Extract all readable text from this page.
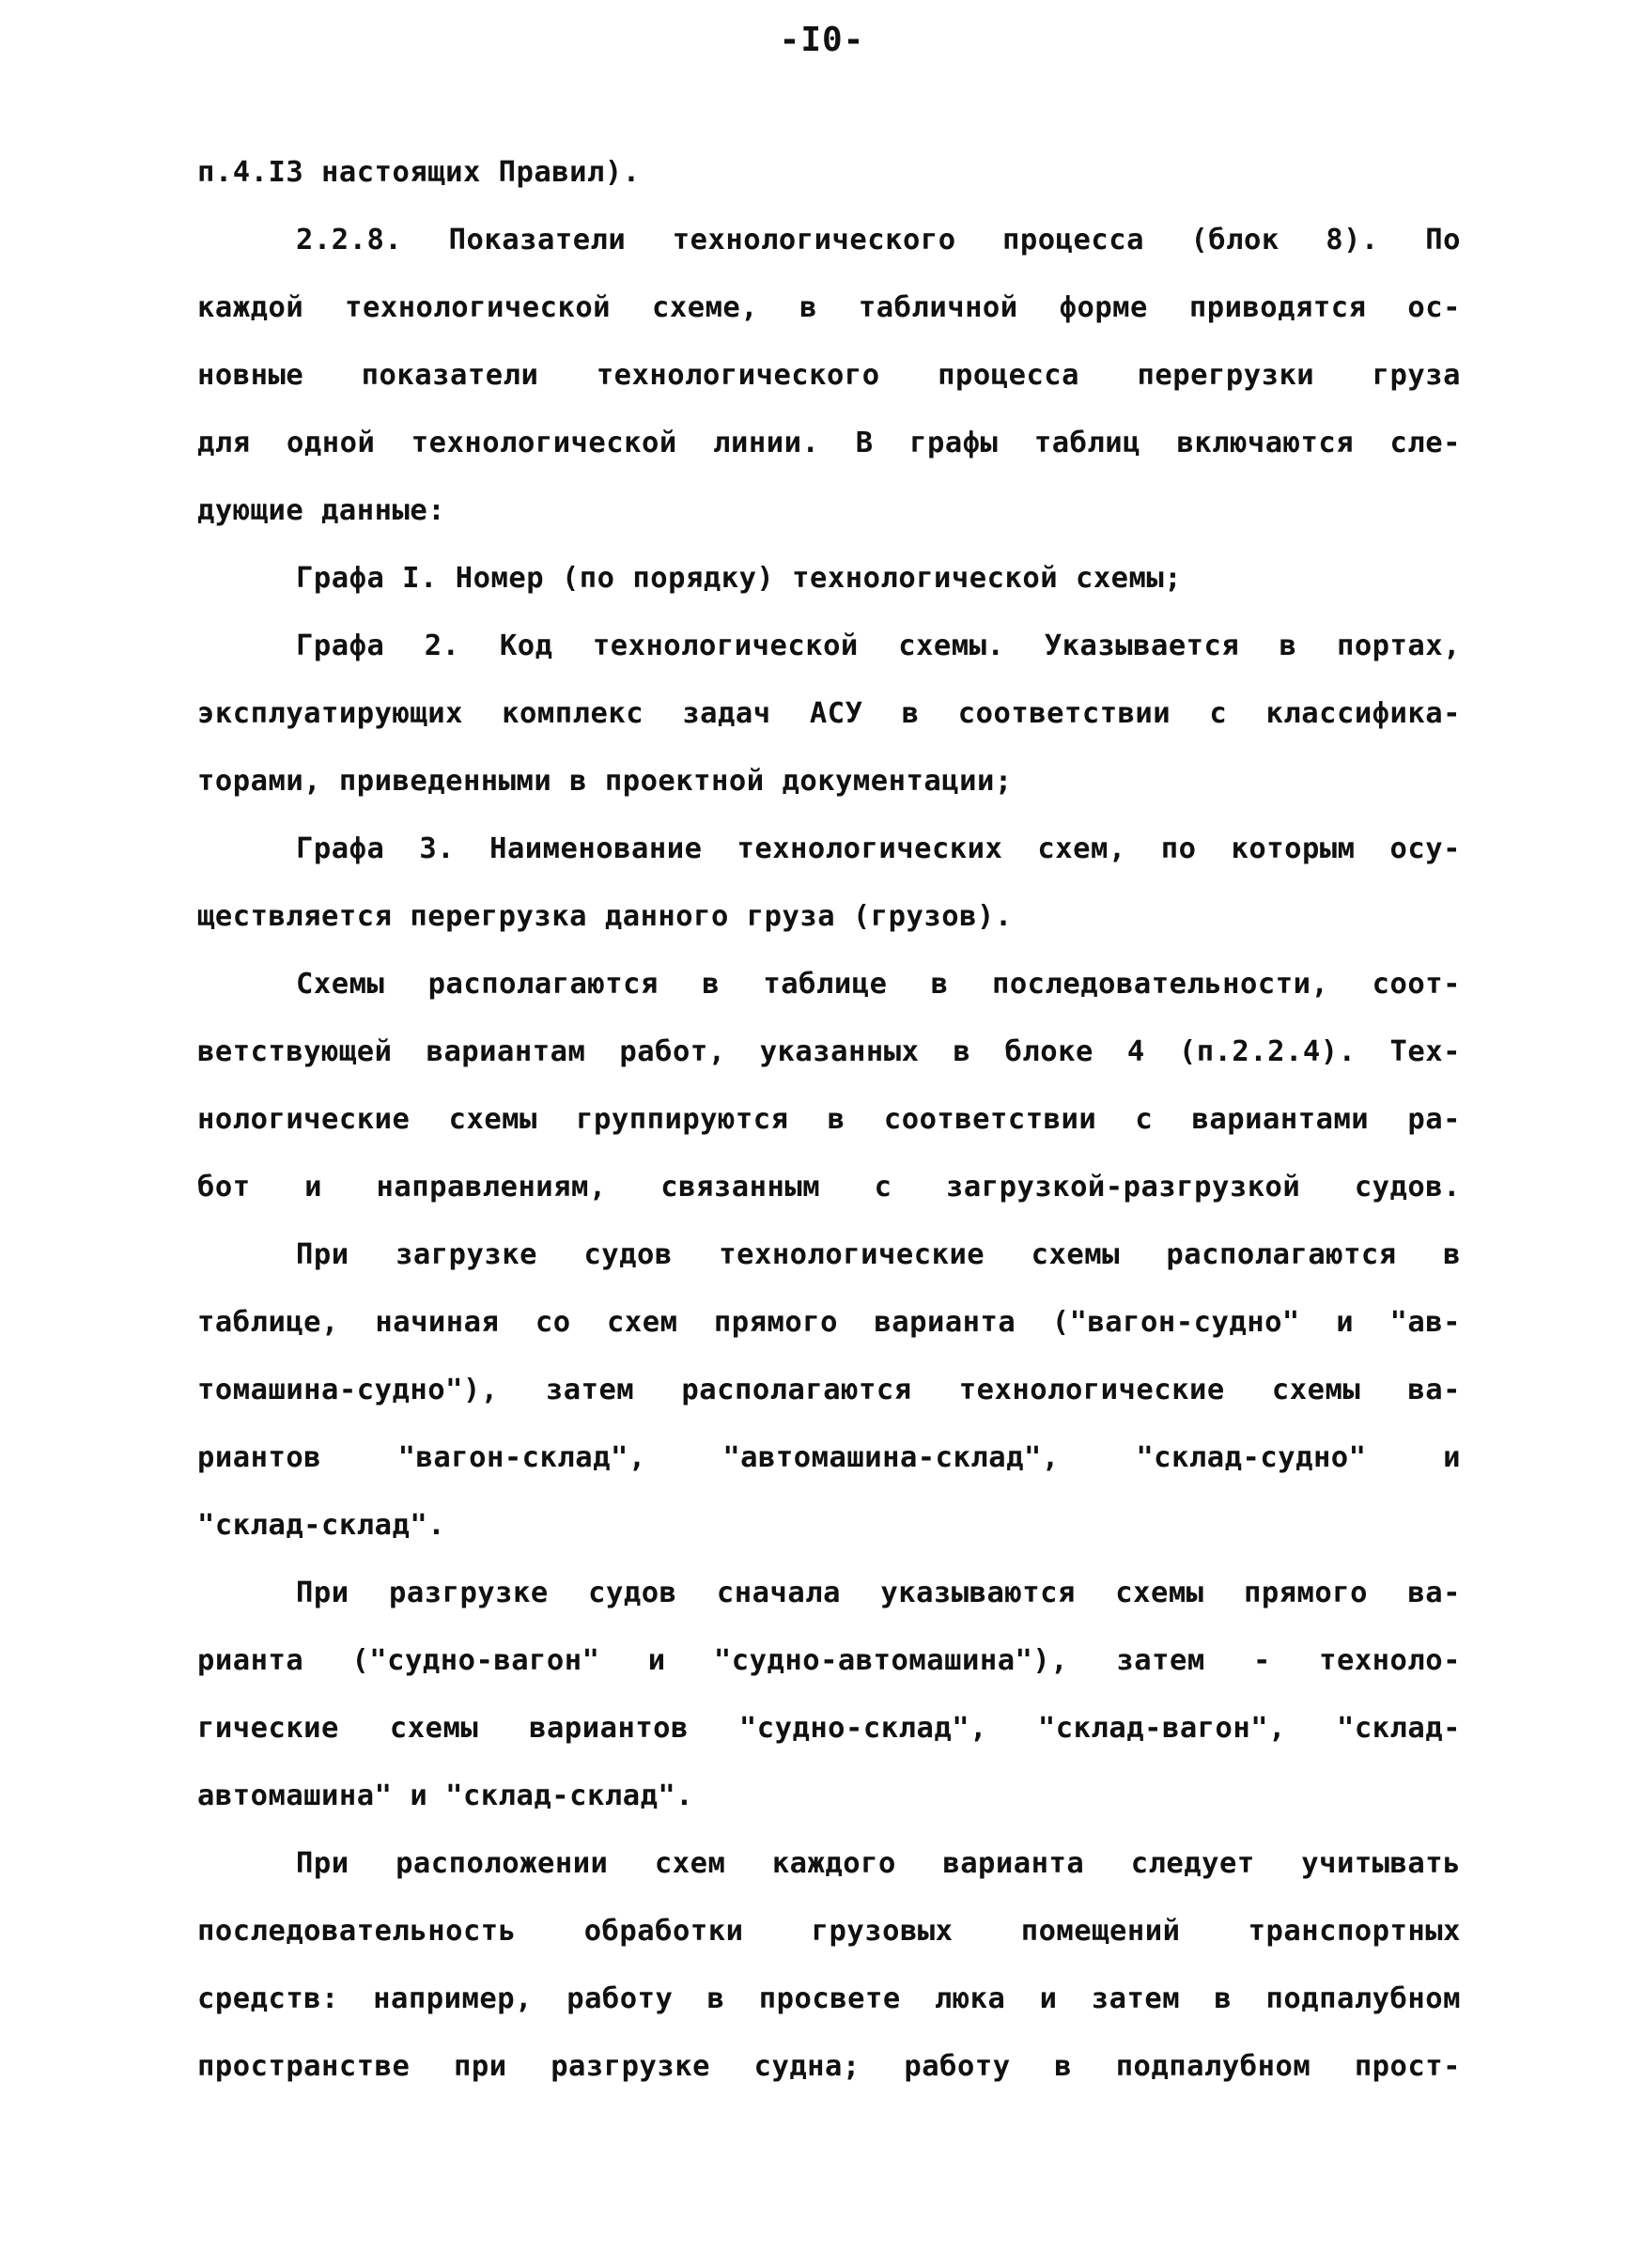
-I0-
п.4.I3 настоящих Правил).
2.2.8. Показатели технологического процесса (блок 8). По
каждой технологической схеме, в табличной форме приводятся ос-
новные показатели технологического процесса перегрузки груза
для одной технологической линии. В графы таблиц включаются сле-
дующие данные:
Графа I. Номер (по порядку) технологической схемы;
Графа 2. Код технологической схемы. Указывается в портах,
эксплуатирующих комплекс задач АСУ в соответствии с классифика-
торами, приведенными в проектной документации;
Графа 3. Наименование технологических схем, по которым осу-
ществляется перегрузка данного груза (грузов).
Схемы располагаются в таблице в последовательности, соот-
ветствующей вариантам работ, указанных в блоке 4 (п.2.2.4). Тех-
нологические схемы группируются в соответствии с вариантами ра-
бот и направлениям, связанным с загрузкой-разгрузкой судов.
При загрузке судов технологические схемы располагаются в
таблице, начиная со схем прямого варианта ("вагон-судно" и "ав-
томашина-судно"), затем располагаются технологические схемы ва-
риантов "вагон-склад", "автомашина-склад", "склад-судно" и
"склад-склад".
При разгрузке судов сначала указываются схемы прямого ва-
рианта ("судно-вагон" и "судно-автомашина"), затем - техноло-
гические схемы вариантов "судно-склад", "склад-вагон", "склад-
автомашина" и "склад-склад".
При расположении схем каждого варианта следует учитывать
последовательность обработки грузовых помещений транспортных
средств: например, работу в просвете люка и затем в подпалубном
пространстве при разгрузке судна; работу в подпалубном прост-
